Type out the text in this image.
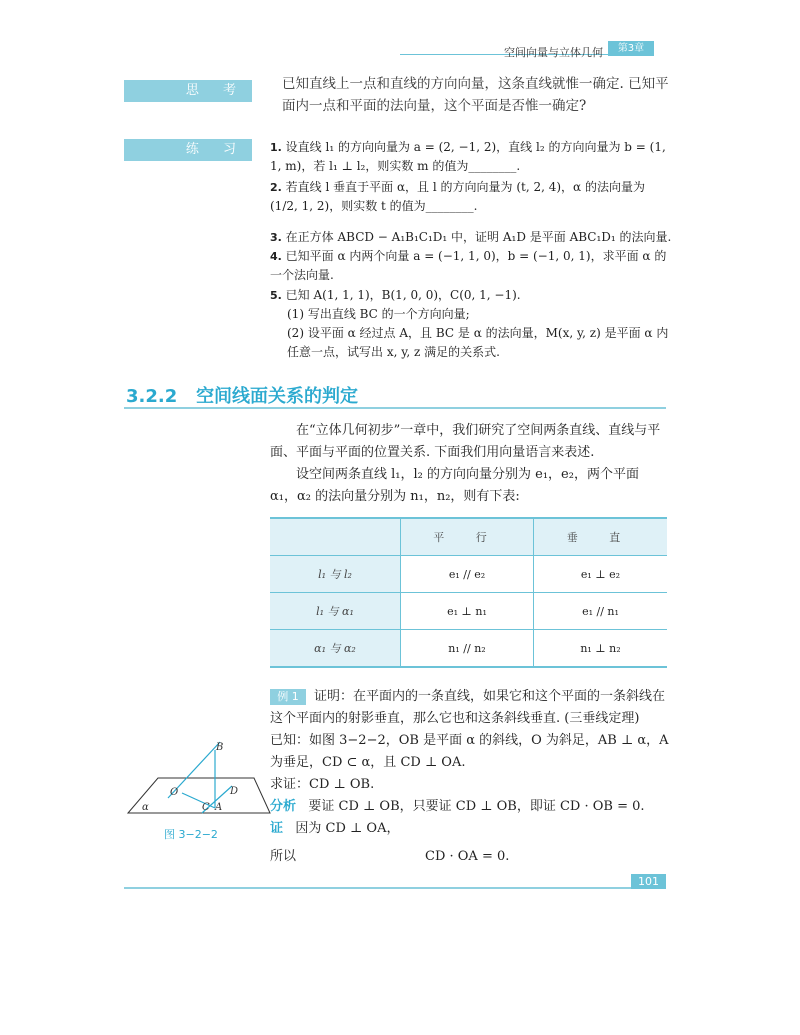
空间向量与立体几何	第3章
思 考	已知直线上一点和直线的方向向量，这条直线就惟一确定. 已知平面内一点和平面的法向量，这个平面是否惟一确定?
练 习	1. 设直线 l₁ 的方向向量为 a = (2, −1, 2)，直线 l₂ 的方向向量为 b = (1, 1, m)，若 l₁ ⊥ l₂，则实数 m 的值为________.
2. 若直线 l 垂直于平面 α，且 l 的方向向量为 (t, 2, 4)，α 的法向量为 (1/2, 1, 2)，则实数 t 的值为________.
3. 在正方体 ABCD − A₁B₁C₁D₁ 中，证明 A₁D 是平面 ABC₁D₁ 的法向量.
4. 已知平面 α 内两个向量 a = (−1, 1, 0)，b = (−1, 0, 1)，求平面 α 的一个法向量.
5. 已知 A(1, 1, 1)，B(1, 0, 0)，C(0, 1, −1).
(1) 写出直线 BC 的一个方向向量;
(2) 设平面 α 经过点 A，且 BC 是 α 的法向量，M(x, y, z) 是平面 α 内任意一点，试写出 x, y, z 满足的关系式.
3.2.2 空间线面关系的判定
在“立体几何初步”一章中，我们研究了空间两条直线、直线与平面、平面与平面的位置关系. 下面我们用向量语言来表述.
设空间两条直线 l₁，l₂ 的方向向量分别为 e₁，e₂，两个平面 α₁，α₂ 的法向量分别为 n₁，n₂，则有下表:
	平 行	垂 直
l₁ 与 l₂	e₁ // e₂	e₁ ⊥ e₂
l₁ 与 α₁	e₁ ⊥ n₁	e₁ // n₁
α₁ 与 α₂	n₁ // n₂	n₁ ⊥ n₂
例 1	证明：在平面内的一条直线，如果它和这个平面的一条斜线在这个平面内的射影垂直，那么它也和这条斜线垂直. (三垂线定理)
已知：如图 3−2−2，OB 是平面 α 的斜线，O 为斜足，AB ⊥ α，A 为垂足，CD ⊂ α，且 CD ⊥ OA.
求证：CD ⊥ OB.
分析 要证 CD ⊥ OB，只要证 CD ⊥ OB，即证 CD · OB = 0.
证 因为 CD ⊥ OA，
所以	CD · OA = 0.
B
O	D
α	C A
图 3−2−2
101
